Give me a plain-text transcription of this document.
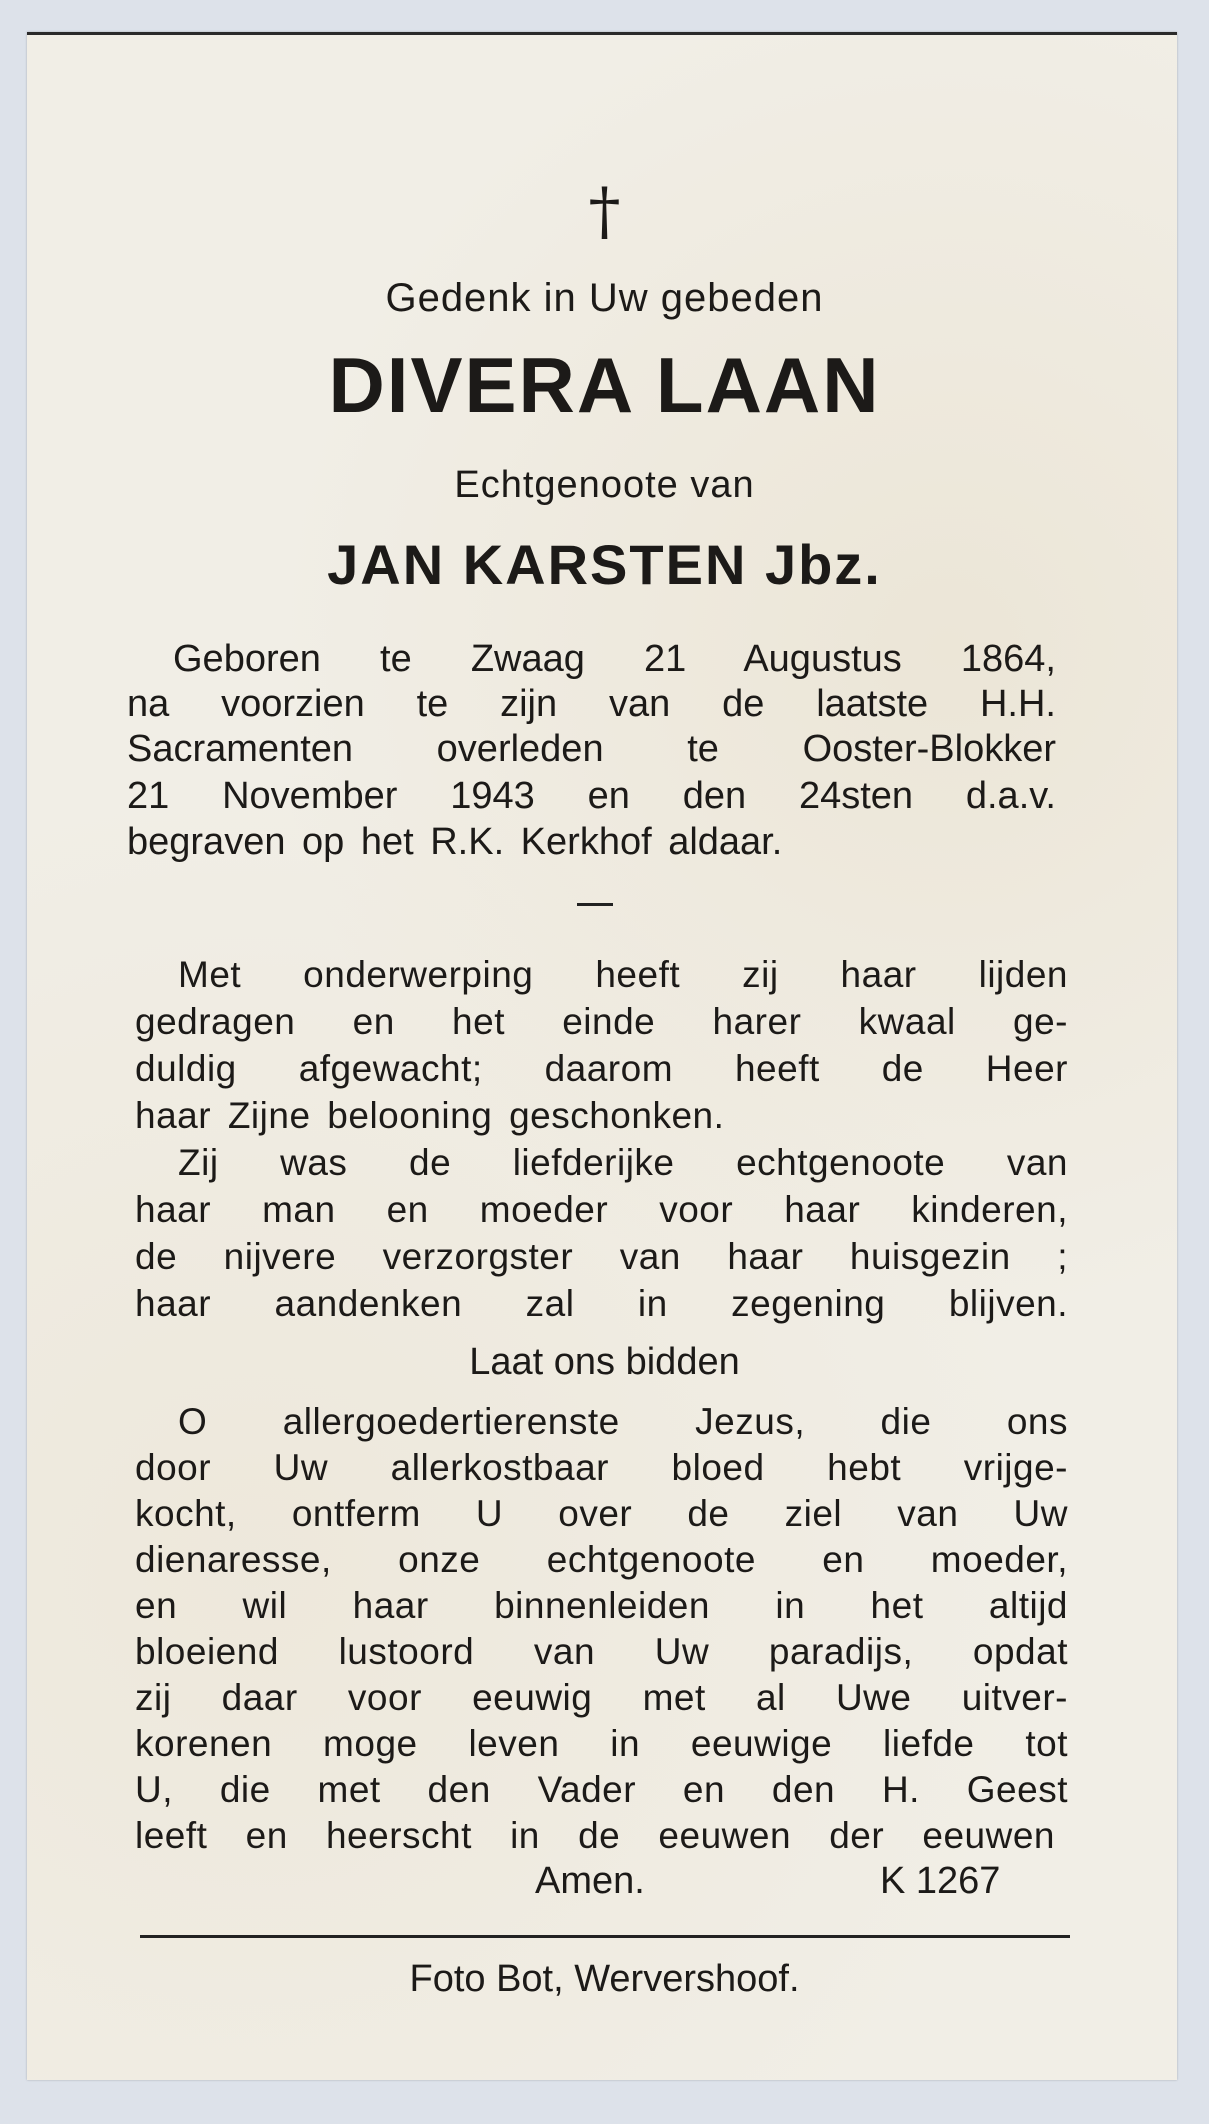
†
Gedenk in Uw gebeden
DIVERA LAAN
Echtgenoote van
JAN KARSTEN Jbz.
Geboren te Zwaag 21 Augustus 1864,
na voorzien te zijn van de laatste H.H.
Sacramenten overleden te Ooster-Blokker
21 November 1943 en den 24sten d.a.v.
begraven op het R.K. Kerkhof aldaar.
Met onderwerping heeft zij haar lijden
gedragen en het einde harer kwaal ge-
duldig afgewacht; daarom heeft de Heer
haar Zijne belooning geschonken.
Zij was de liefderijke echtgenoote van
haar man en moeder voor haar kinderen,
de nijvere verzorgster van haar huisgezin ;
haar aandenken zal in zegening blijven.
Laat ons bidden
O allergoedertierenste Jezus, die ons
door Uw allerkostbaar bloed hebt vrijge-
kocht, ontferm U over de ziel van Uw
dienaresse, onze echtgenoote en moeder,
en wil haar binnenleiden in het altijd
bloeiend lustoord van Uw paradijs, opdat
zij daar voor eeuwig met al Uwe uitver-
korenen moge leven in eeuwige liefde tot
U, die met den Vader en den H. Geest
leeft en heerscht in de eeuwen der eeuwen
Amen.	K 1267
Foto Bot, Wervershoof.
